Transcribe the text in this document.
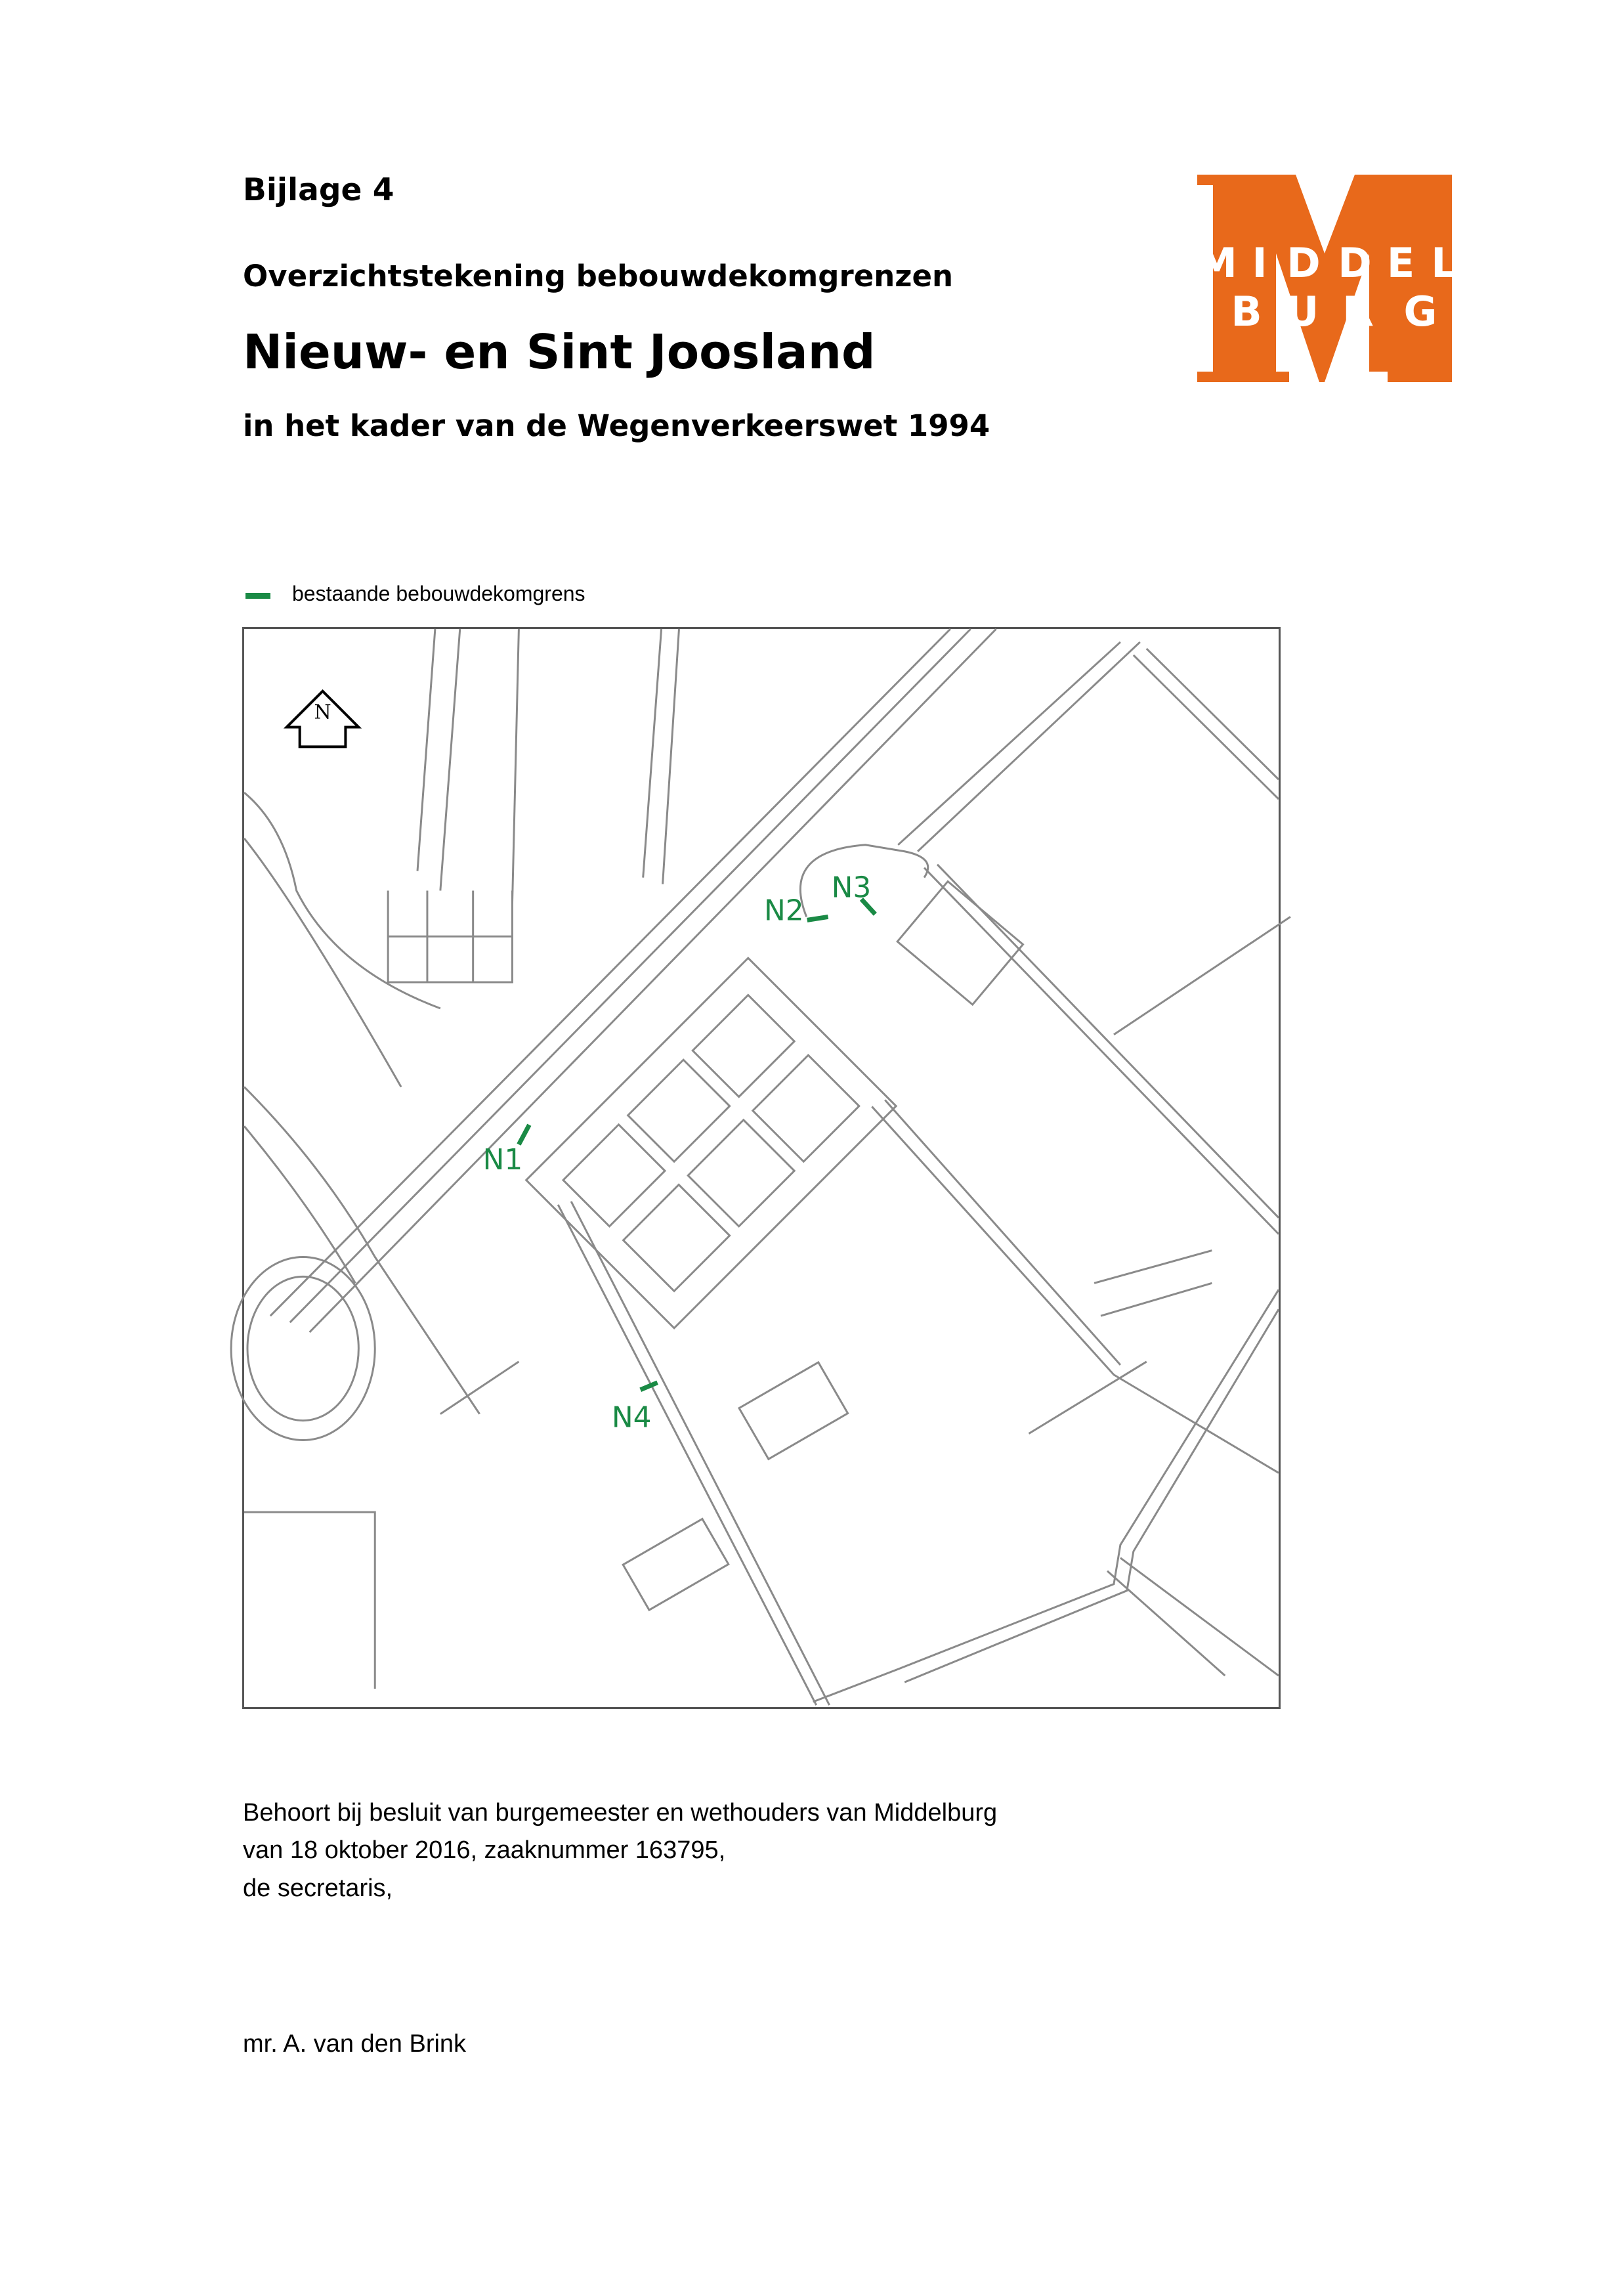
Bijlage 4

Overzichtstekening bebouwdekomgrenzen

Nieuw- en Sint Joosland

in het kader van de Wegenverkeerswet 1994

M I D D E L
B U R G

bestaande bebouwdekomgrens

N
N1
N2
N3
N4

Behoort bij besluit van burgemeester en wethouders van Middelburg

van 18 oktober 2016, zaaknummer 163795,

de secretaris,

mr. A. van den Brink
